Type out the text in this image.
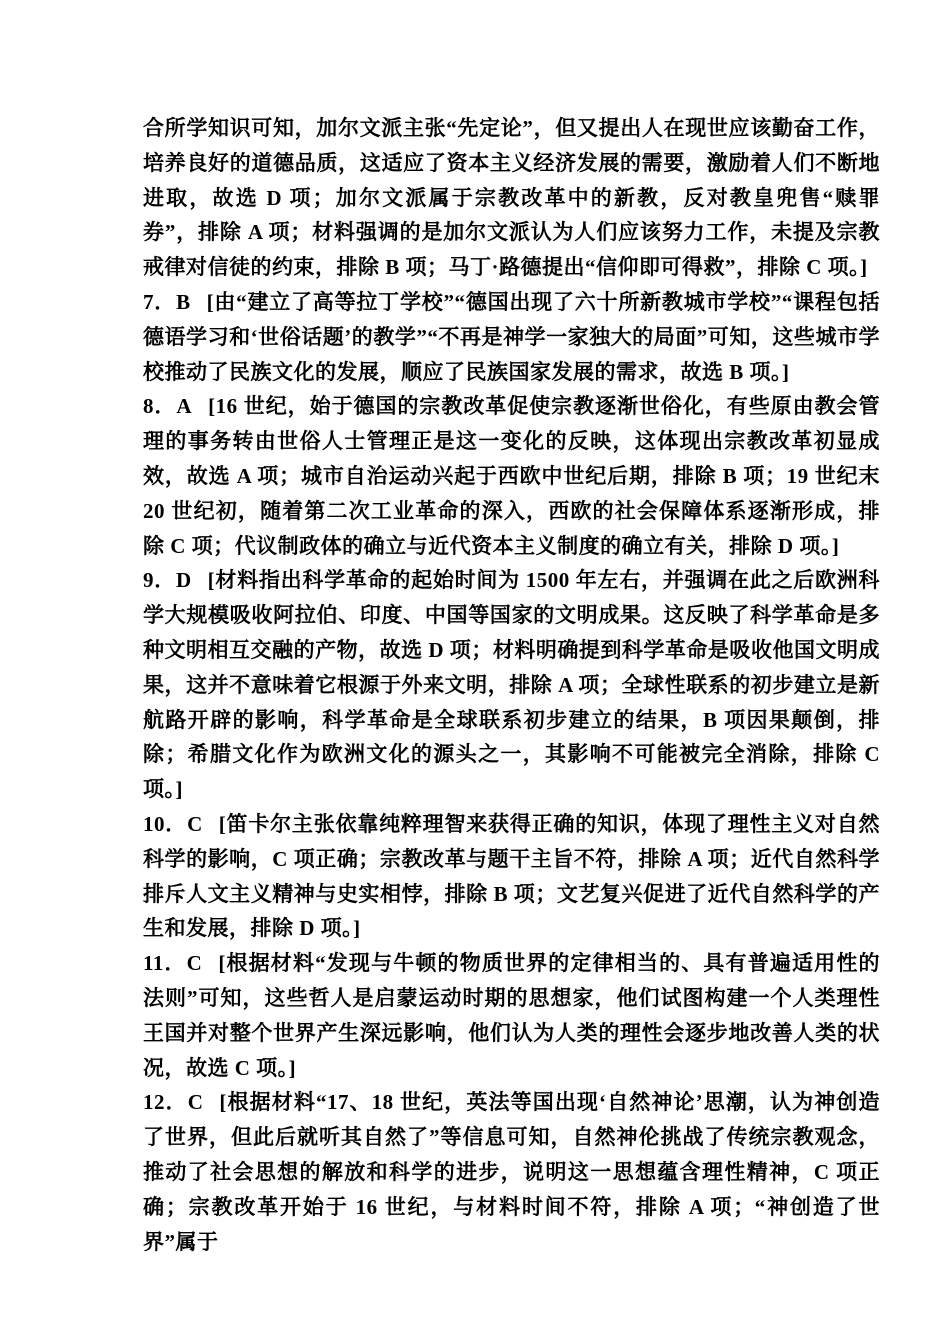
合所学知识可知，加尔文派主张“先定论”，但又提出人在现世应该勤奋工作，培养良好的道德品质，这适应了资本主义经济发展的需要，激励着人们不断地进取，故选 D 项；加尔文派属于宗教改革中的新教，反对教皇兜售“赎罪券”，排除 A 项；材料强调的是加尔文派认为人们应该努力工作，未提及宗教戒律对信徒的约束，排除 B 项；马丁·路德提出“信仰即可得救”，排除 C 项。]

7．B [由“建立了高等拉丁学校”“德国出现了六十所新教城市学校”“课程包括德语学习和‘世俗话题’的教学”“不再是神学一家独大的局面”可知，这些城市学校推动了民族文化的发展，顺应了民族国家发展的需求，故选 B 项。]

8．A [16 世纪，始于德国的宗教改革促使宗教逐渐世俗化，有些原由教会管理的事务转由世俗人士管理正是这一变化的反映，这体现出宗教改革初显成效，故选 A 项；城市自治运动兴起于西欧中世纪后期，排除 B 项；19 世纪末 20 世纪初，随着第二次工业革命的深入，西欧的社会保障体系逐渐形成，排除 C 项；代议制政体的确立与近代资本主义制度的确立有关，排除 D 项。]

9．D [材料指出科学革命的起始时间为 1500 年左右，并强调在此之后欧洲科学大规模吸收阿拉伯、印度、中国等国家的文明成果。这反映了科学革命是多种文明相互交融的产物，故选 D 项；材料明确提到科学革命是吸收他国文明成果，这并不意味着它根源于外来文明，排除 A 项；全球性联系的初步建立是新航路开辟的影响，科学革命是全球联系初步建立的结果，B 项因果颠倒，排除；希腊文化作为欧洲文化的源头之一，其影响不可能被完全消除，排除 C 项。]

10．C [笛卡尔主张依靠纯粹理智来获得正确的知识，体现了理性主义对自然科学的影响，C 项正确；宗教改革与题干主旨不符，排除 A 项；近代自然科学排斥人文主义精神与史实相悖，排除 B 项；文艺复兴促进了近代自然科学的产生和发展，排除 D 项。]

11．C [根据材料“发现与牛顿的物质世界的定律相当的、具有普遍适用性的法则”可知，这些哲人是启蒙运动时期的思想家，他们试图构建一个人类理性王国并对整个世界产生深远影响，他们认为人类的理性会逐步地改善人类的状况，故选 C 项。]

12．C [根据材料“17、18 世纪，英法等国出现‘自然神论’思潮，认为神创造了世界，但此后就听其自然了”等信息可知，自然神伦挑战了传统宗教观念，推动了社会思想的解放和科学的进步，说明这一思想蕴含理性精神，C 项正确；宗教改革开始于 16 世纪，与材料时间不符，排除 A 项；“神创造了世界”属于
